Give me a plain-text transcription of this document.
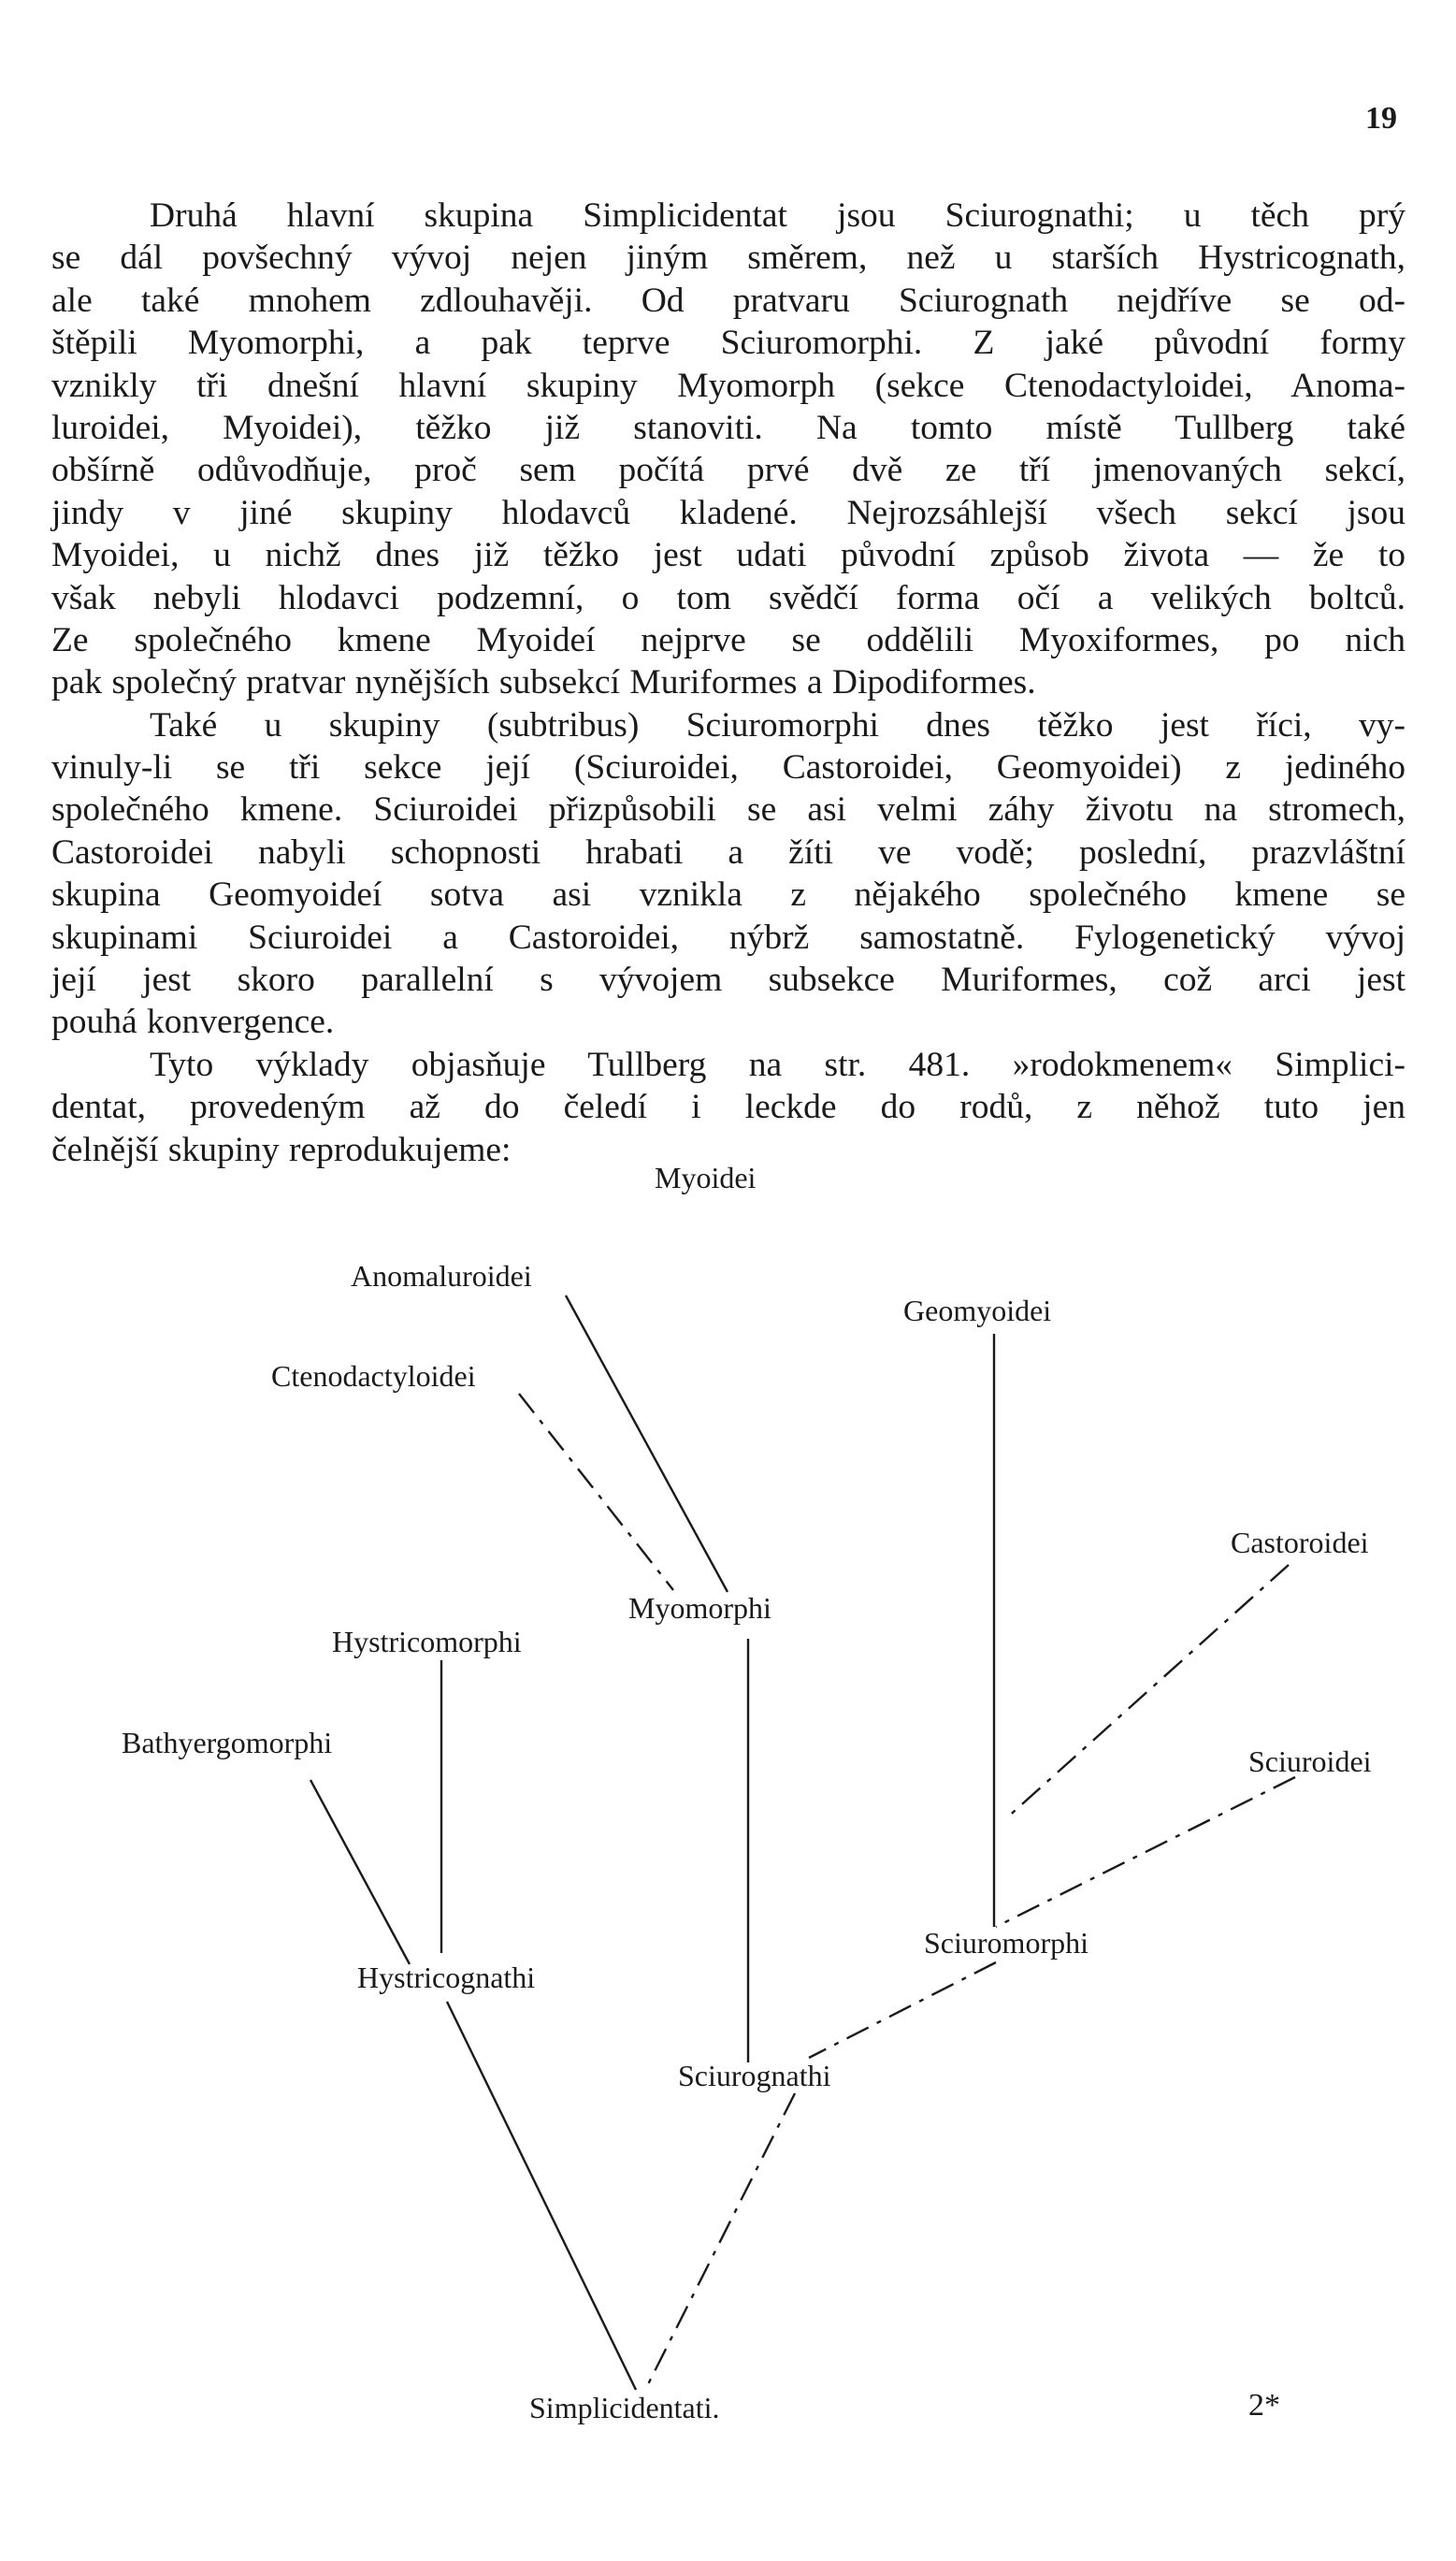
19
Druhá hlavní skupina Simplicidentat jsou Sciurognathi; u těch prý
se dál povšechný vývoj nejen jiným směrem, než u starších Hystricognath,
ale také mnohem zdlouhavěji. Od pratvaru Sciurognath nejdříve se od-
štěpili Myomorphi, a pak teprve Sciuromorphi. Z jaké původní formy
vznikly tři dnešní hlavní skupiny Myomorph (sekce Ctenodactyloidei, Anoma-
luroidei, Myoidei), těžko již stanoviti. Na tomto místě Tullberg také
obšírně odůvodňuje, proč sem počítá prvé dvě ze tří jmenovaných sekcí,
jindy v jiné skupiny hlodavců kladené. Nejrozsáhlejší všech sekcí jsou
Myoidei, u nichž dnes již těžko jest udati původní způsob života — že to
však nebyli hlodavci podzemní, o tom svědčí forma očí a velikých boltců.
Ze společného kmene Myoideí nejprve se oddělili Myoxiformes, po nich
pak společný pratvar nynějších subsekcí Muriformes a Dipodiformes.
Také u skupiny (subtribus) Sciuromorphi dnes těžko jest říci, vy-
vinuly-li se tři sekce její (Sciuroidei, Castoroidei, Geomyoidei) z jediného
společného kmene. Sciuroidei přizpůsobili se asi velmi záhy životu na stromech,
Castoroidei nabyli schopnosti hrabati a žíti ve vodě; poslední, prazvláštní
skupina Geomyoideí sotva asi vznikla z nějakého společného kmene se
skupinami Sciuroidei a Castoroidei, nýbrž samostatně. Fylogenetický vývoj
její jest skoro parallelní s vývojem subsekce Muriformes, což arci jest
pouhá konvergence.
Tyto výklady objasňuje Tullberg na str. 481. »rodokmenem« Simplici-
dentat, provedeným až do čeledí i leckde do rodů, z něhož tuto jen
čelnější skupiny reprodukujeme:
Myoidei
Anomaluroidei
Ctenodactyloidei
Myomorphi
Geomyoidei
Castoroidei
Sciuroidei
Sciuromorphi
Sciurognathi
Hystricomorphi
Bathyergomorphi
Hystricognathi
Simplicidentati.	2*
